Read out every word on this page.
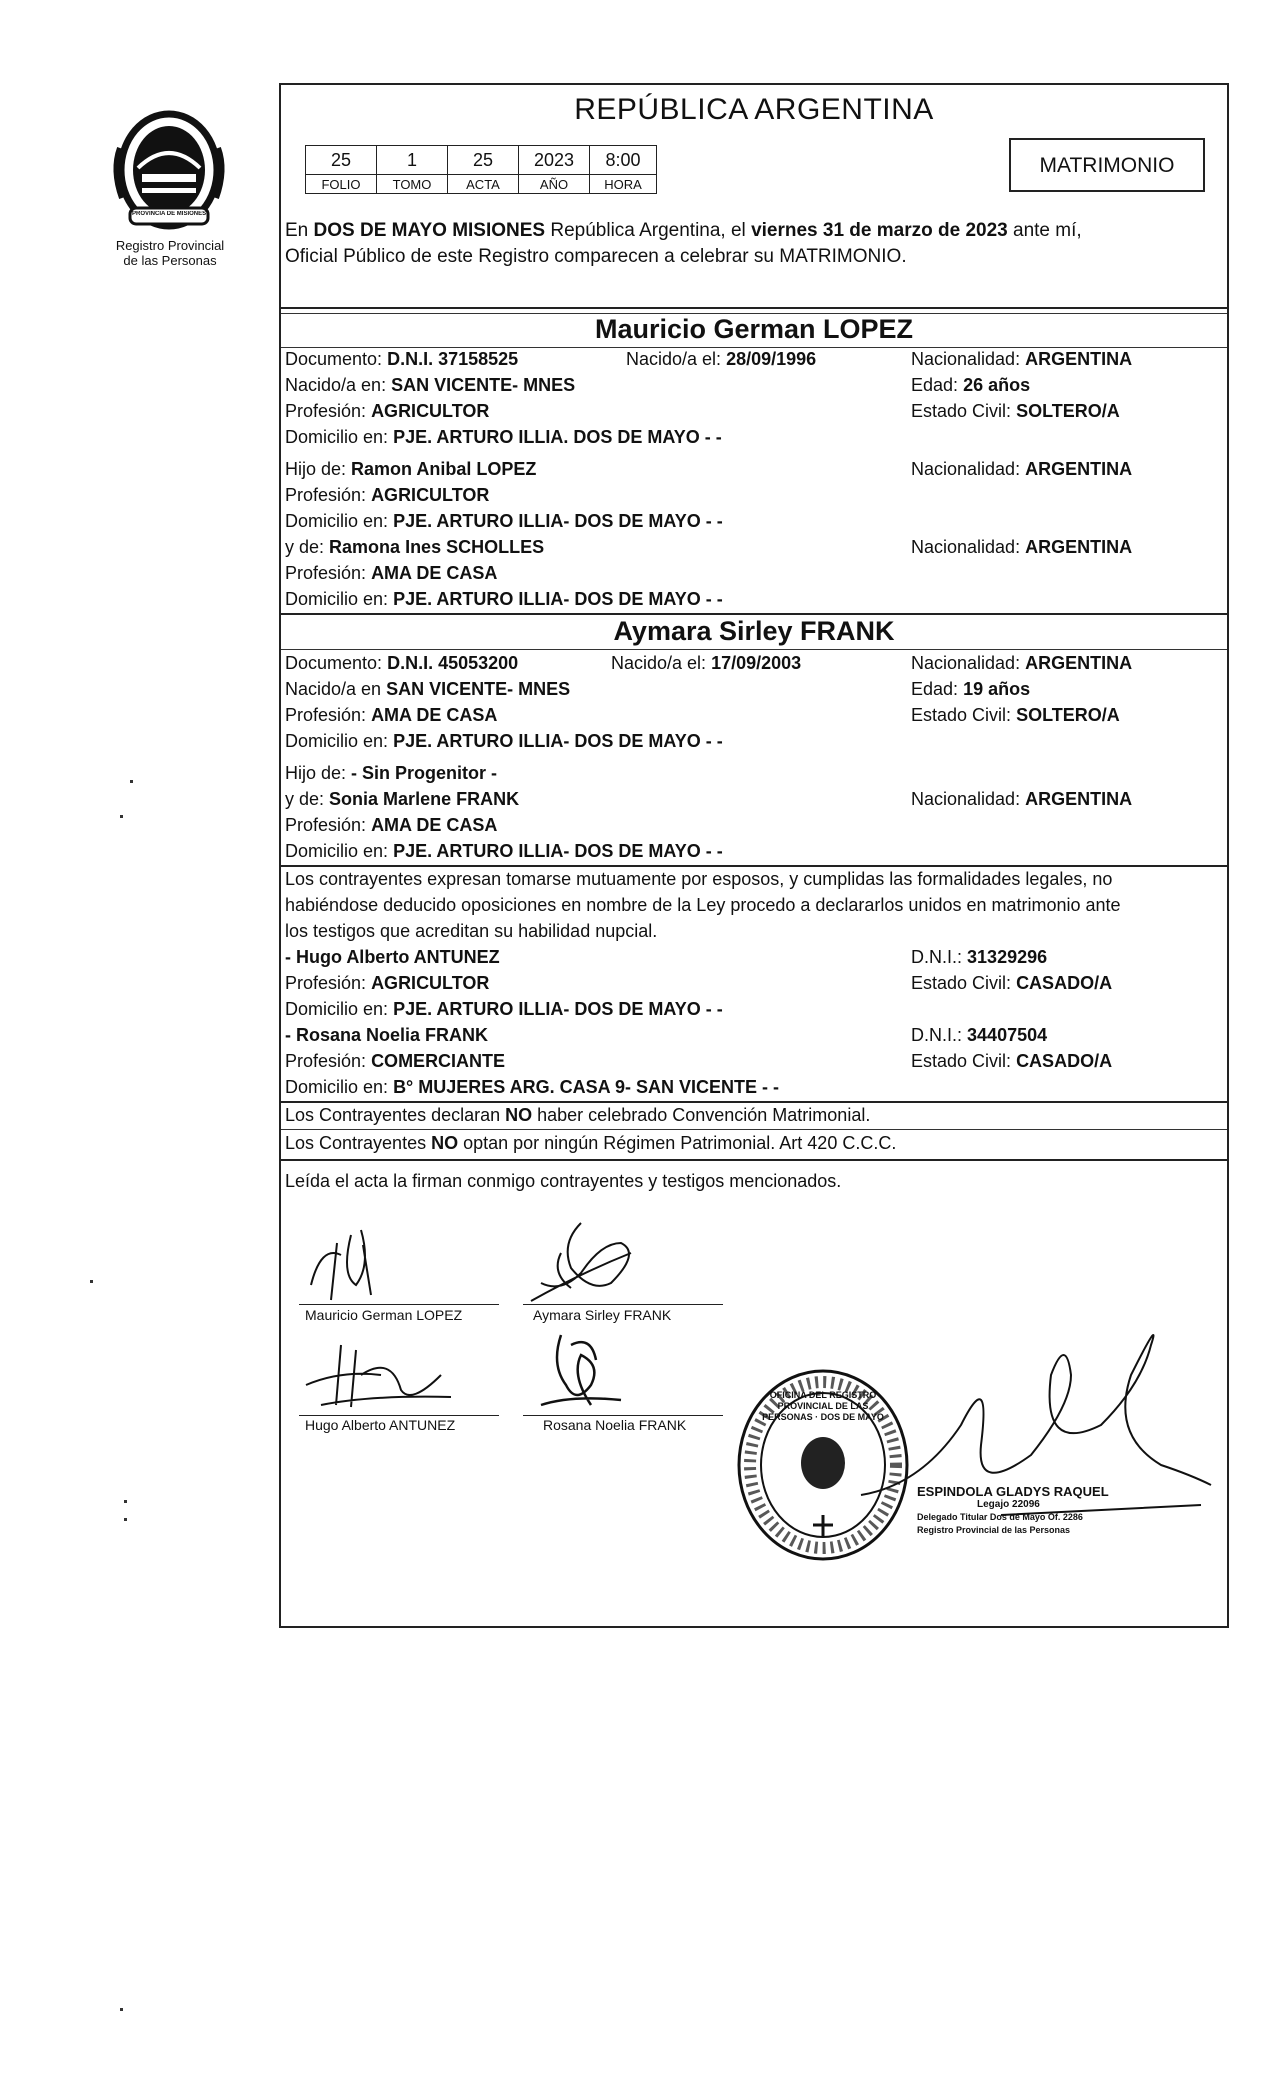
PROVINCIA DE MISIONES
Registro Provincial
de las Personas
REPÚBLICA ARGENTINA
25	1	25	2023	8:00
FOLIO	TOMO	ACTA	AÑO	HORA
MATRIMONIO
En DOS DE MAYO MISIONES República Argentina, el viernes 31 de marzo de 2023 ante mí,
Oficial Público de este Registro comparecen a celebrar su MATRIMONIO.
Mauricio German LOPEZ
Documento: D.N.I. 37158525	Nacido/a el: 28/09/1996	Nacionalidad: ARGENTINA
Nacido/a en: SAN VICENTE- MNES	Edad: 26 años
Profesión: AGRICULTOR	Estado Civil: SOLTERO/A
Domicilio en: PJE. ARTURO ILLIA. DOS DE MAYO - -
Hijo de: Ramon Anibal LOPEZ	Nacionalidad: ARGENTINA
Profesión: AGRICULTOR
Domicilio en: PJE. ARTURO ILLIA- DOS DE MAYO - -
y de: Ramona Ines SCHOLLES	Nacionalidad: ARGENTINA
Profesión: AMA DE CASA
Domicilio en: PJE. ARTURO ILLIA- DOS DE MAYO - -
Aymara Sirley FRANK
Documento: D.N.I. 45053200	Nacido/a el: 17/09/2003	Nacionalidad: ARGENTINA
Nacido/a en SAN VICENTE- MNES	Edad: 19 años
Profesión: AMA DE CASA	Estado Civil: SOLTERO/A
Domicilio en: PJE. ARTURO ILLIA- DOS DE MAYO - -
Hijo de: - Sin Progenitor -
y de: Sonia Marlene FRANK	Nacionalidad: ARGENTINA
Profesión: AMA DE CASA
Domicilio en: PJE. ARTURO ILLIA- DOS DE MAYO - -
Los contrayentes expresan tomarse mutuamente por esposos, y cumplidas las formalidades legales, no
habiéndose deducido oposiciones en nombre de la Ley procedo a declararlos unidos en matrimonio ante
los testigos que acreditan su habilidad nupcial.
- Hugo Alberto ANTUNEZ	D.N.I.: 31329296
Profesión: AGRICULTOR	Estado Civil: CASADO/A
Domicilio en: PJE. ARTURO ILLIA- DOS DE MAYO - -
- Rosana Noelia FRANK	D.N.I.: 34407504
Profesión: COMERCIANTE	Estado Civil: CASADO/A
Domicilio en: B° MUJERES ARG. CASA 9- SAN VICENTE - -
Los Contrayentes declaran NO haber celebrado Convención Matrimonial.
Los Contrayentes NO optan por ningún Régimen Patrimonial. Art 420 C.C.C.
Leída el acta la firman conmigo contrayentes y testigos mencionados.
Mauricio German LOPEZ	Aymara Sirley FRANK
Hugo Alberto ANTUNEZ	Rosana Noelia FRANK
OFICINA DEL REGISTRO PROVINCIAL DE LAS PERSONAS · DOS DE MAYO
ESPINDOLA GLADYS RAQUEL
Legajo 22096
Delegado Titular Dos de Mayo Of. 2286
Registro Provincial de las Personas
